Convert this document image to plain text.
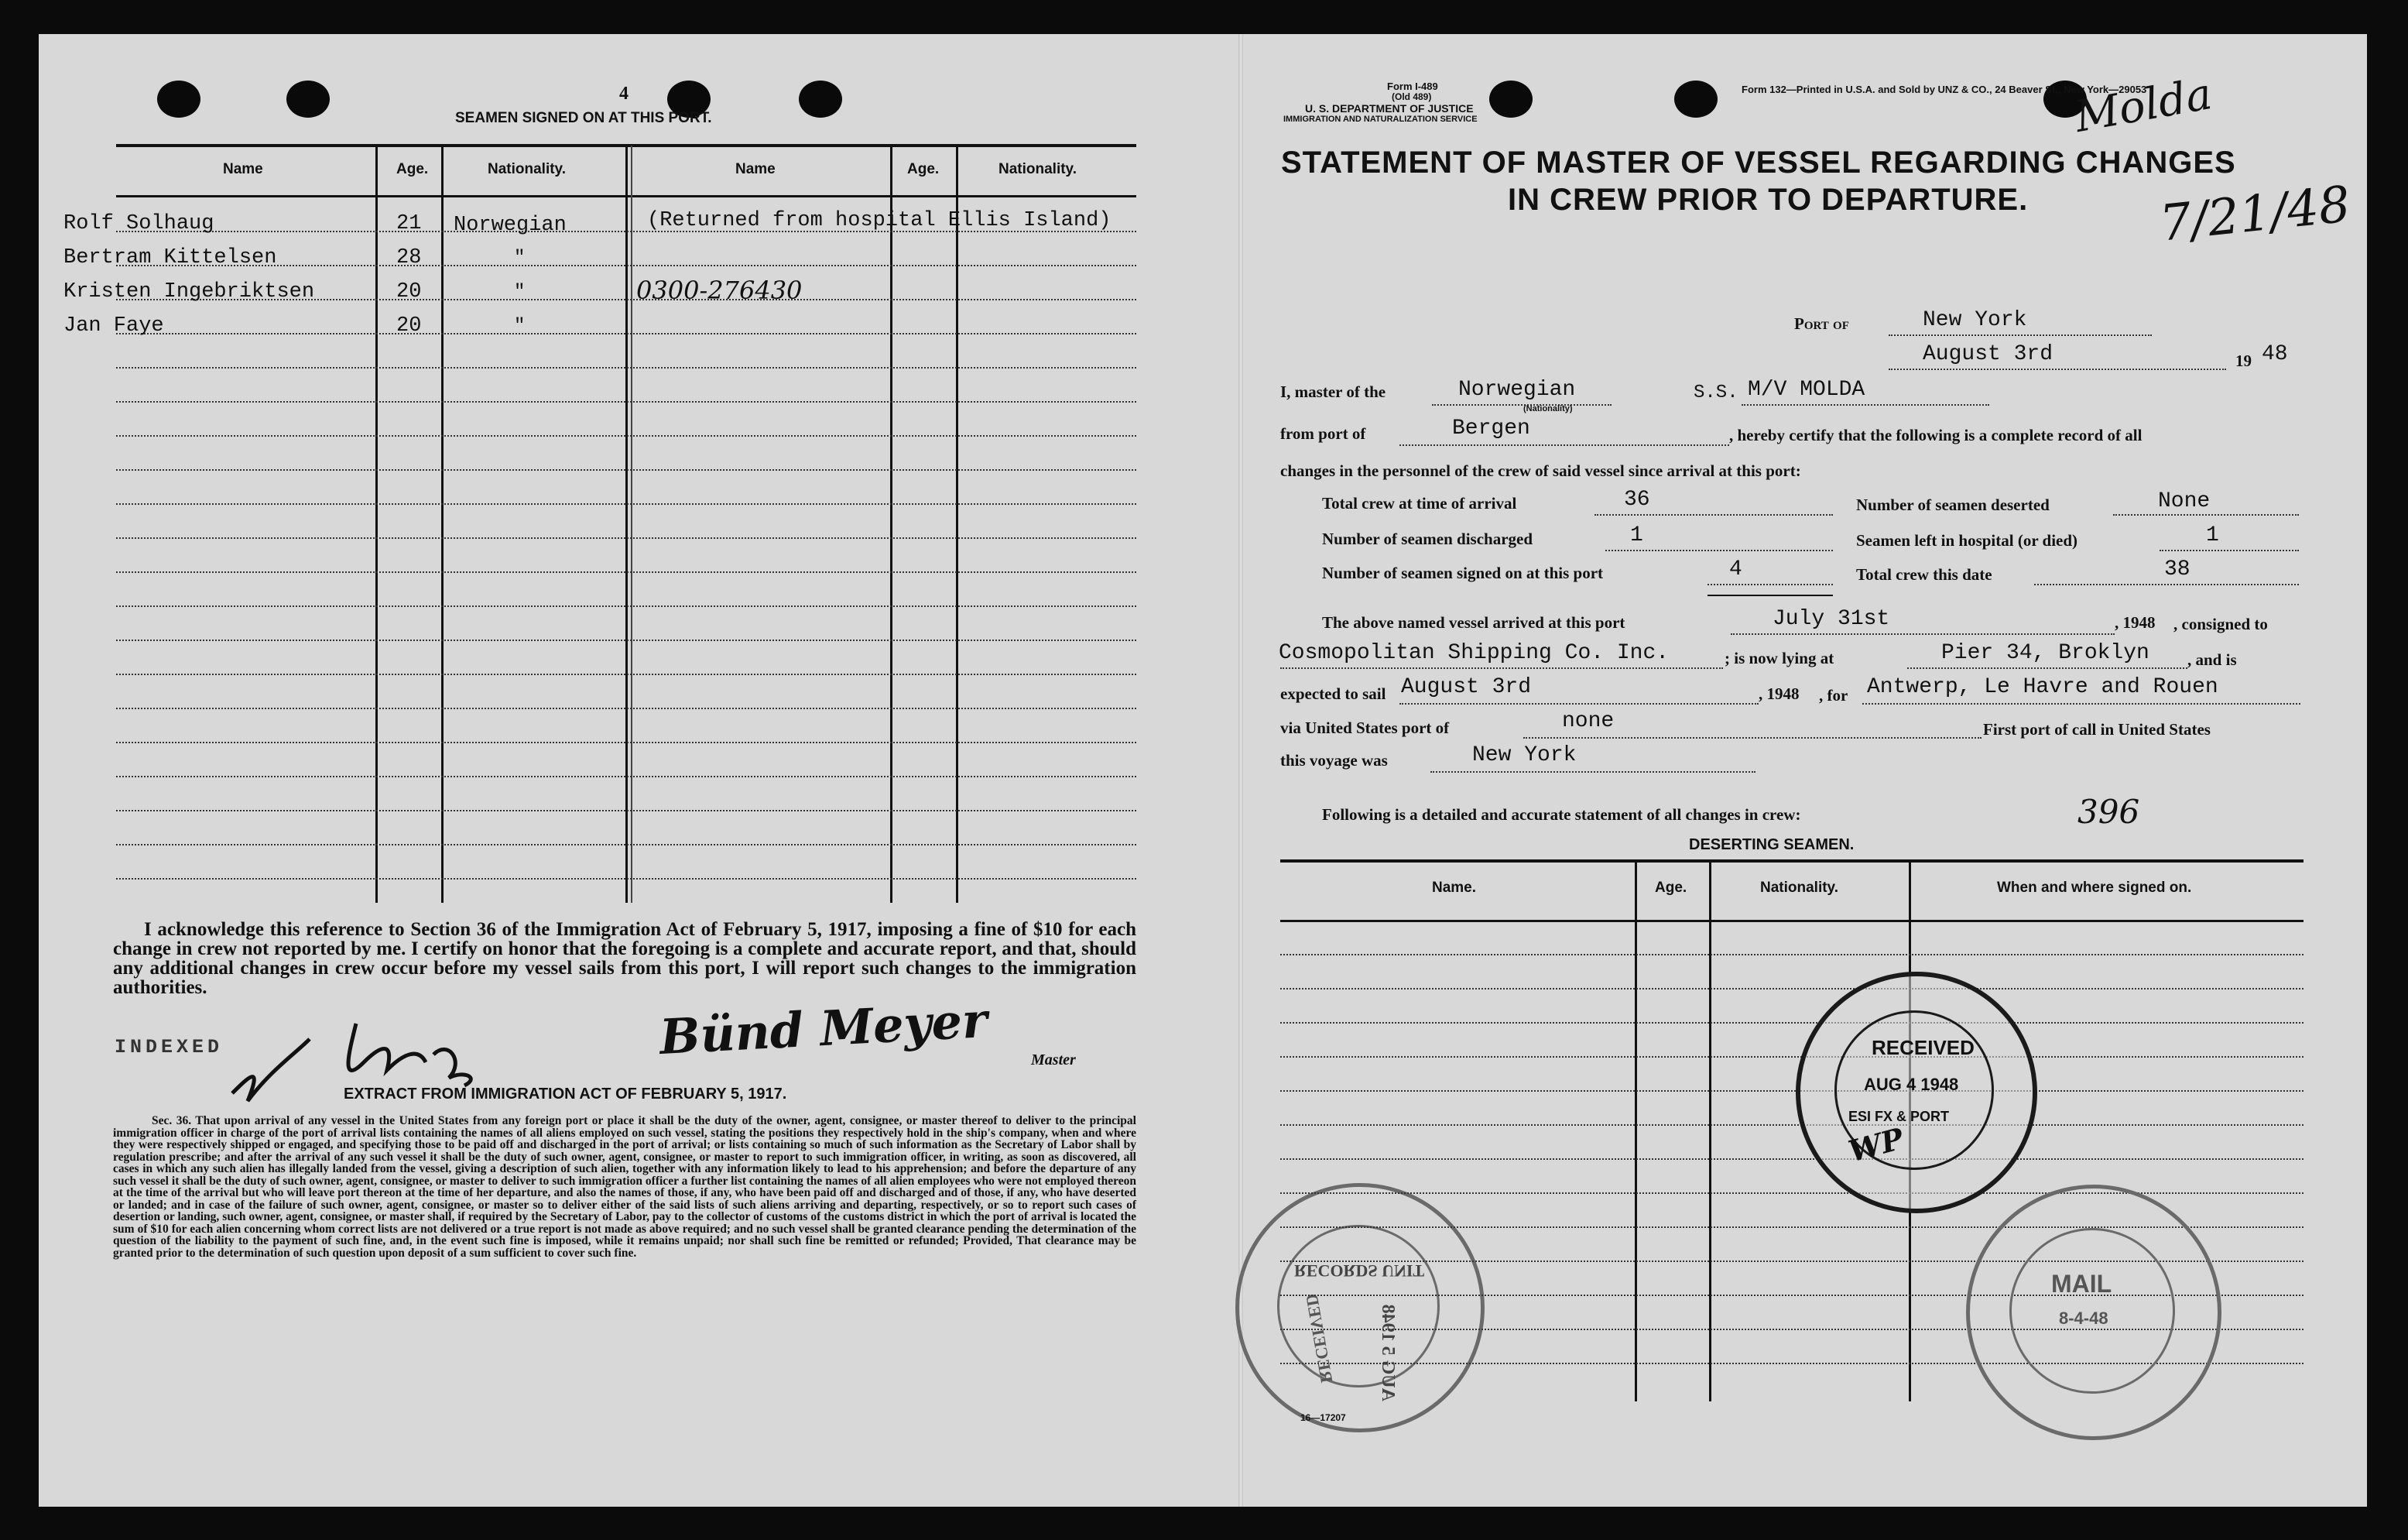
4
SEAMEN SIGNED ON AT THIS PORT.
Name	Age.	Nationality.	Name	Age.	Nationality.
Rolf Solhaug	21 Norwegian	(Returned from hospital Ellis Island)
Bertram Kittelsen	28	"
Kristen Ingebriktsen	20	"	0300-276430
Jan Faye	20	"
I acknowledge this reference to Section 36 of the Immigration Act of February 5, 1917, imposing a fine of $10 for each change in crew not reported by me. I certify on honor that the foregoing is a complete and accurate report, and that, should any additional changes in crew occur before my vessel sails from this port, I will report such changes to the immigration authorities.
INDEXED	Bünd Meyer	Master
EXTRACT FROM IMMIGRATION ACT OF FEBRUARY 5, 1917.
Sec. 36. That upon arrival of any vessel in the United States from any foreign port or place it shall be the duty of the owner, agent, consignee, or master thereof to deliver to the principal immigration officer in charge of the port of arrival lists containing the names of all aliens employed on such vessel, stating the positions they respectively hold in the ship's company, when and where they were respectively shipped or engaged, and specifying those to be paid off and discharged in the port of arrival; or lists containing so much of such information as the Secretary of Labor shall by regulation prescribe; and after the arrival of any such vessel it shall be the duty of such owner, agent, consignee, or master to report to such immigration officer, in writing, as soon as discovered, all cases in which any such alien has illegally landed from the vessel, giving a description of such alien, together with any information likely to lead to his apprehension; and before the departure of any such vessel it shall be the duty of such owner, agent, consignee, or master to deliver to such immigration officer a further list containing the names of all alien employees who were not employed thereon at the time of the arrival but who will leave port thereon at the time of her departure, and also the names of those, if any, who have been paid off and discharged and of those, if any, who have deserted or landed; and in case of the failure of such owner, agent, consignee, or master so to deliver either of the said lists of such aliens arriving and departing, respectively, or so to report such cases of desertion or landing, such owner, agent, consignee, or master shall, if required by the Secretary of Labor, pay to the collector of customs of the customs district in which the port of arrival is located the sum of $10 for each alien concerning whom correct lists are not delivered or a true report is not made as above required; and no such vessel shall be granted clearance pending the determination of the question of the liability to the payment of such fine, and, in the event such fine is imposed, while it remains unpaid; nor shall such fine be remitted or refunded; Provided, That clearance may be granted prior to the determination of such question upon deposit of a sum sufficient to cover such fine.
RECORDS UNIT
AUG 5 1948
RECEIVED
Form I-489
(Old 489)
U. S. DEPARTMENT OF JUSTICE
IMMIGRATION AND NATURALIZATION SERVICE
Form 132—Printed in U.S.A. and Sold by UNZ & CO., 24 Beaver St., New York—29053
Molda
7/21/48
STATEMENT OF MASTER OF VESSEL REGARDING CHANGES
IN CREW PRIOR TO DEPARTURE.
Port of	New York
August 3rd	19 48
I, master of the	Norwegian
(Nationality)
S.S. M/V MOLDA
from port of	Bergen	, hereby certify that the following is a complete record of all
changes in the personnel of the crew of said vessel since arrival at this port:
Total crew at time of arrival	36	Number of seamen deserted	None
Number of seamen discharged	1	Seamen left in hospital (or died)	1
Number of seamen signed on at this port	4	Total crew this date	38
The above named vessel arrived at this port	July 31st	, 1948 , consigned to
Cosmopolitan Shipping Co. Inc.	; is now lying at	Pier 34, Broklyn , and is
expected to sail August 3rd	, 1948 , for Antwerp, Le Havre and Rouen
via United States port of	none	First port of call in United States
this voyage was	New York
Following is a detailed and accurate statement of all changes in crew:	396
DESERTING SEAMEN.
Name.	Age.	Nationality.	When and where signed on.
16—17207
RECEIVED
AUG 4 1948
ESI FX & PORT
WP
MAIL
8-4-48
